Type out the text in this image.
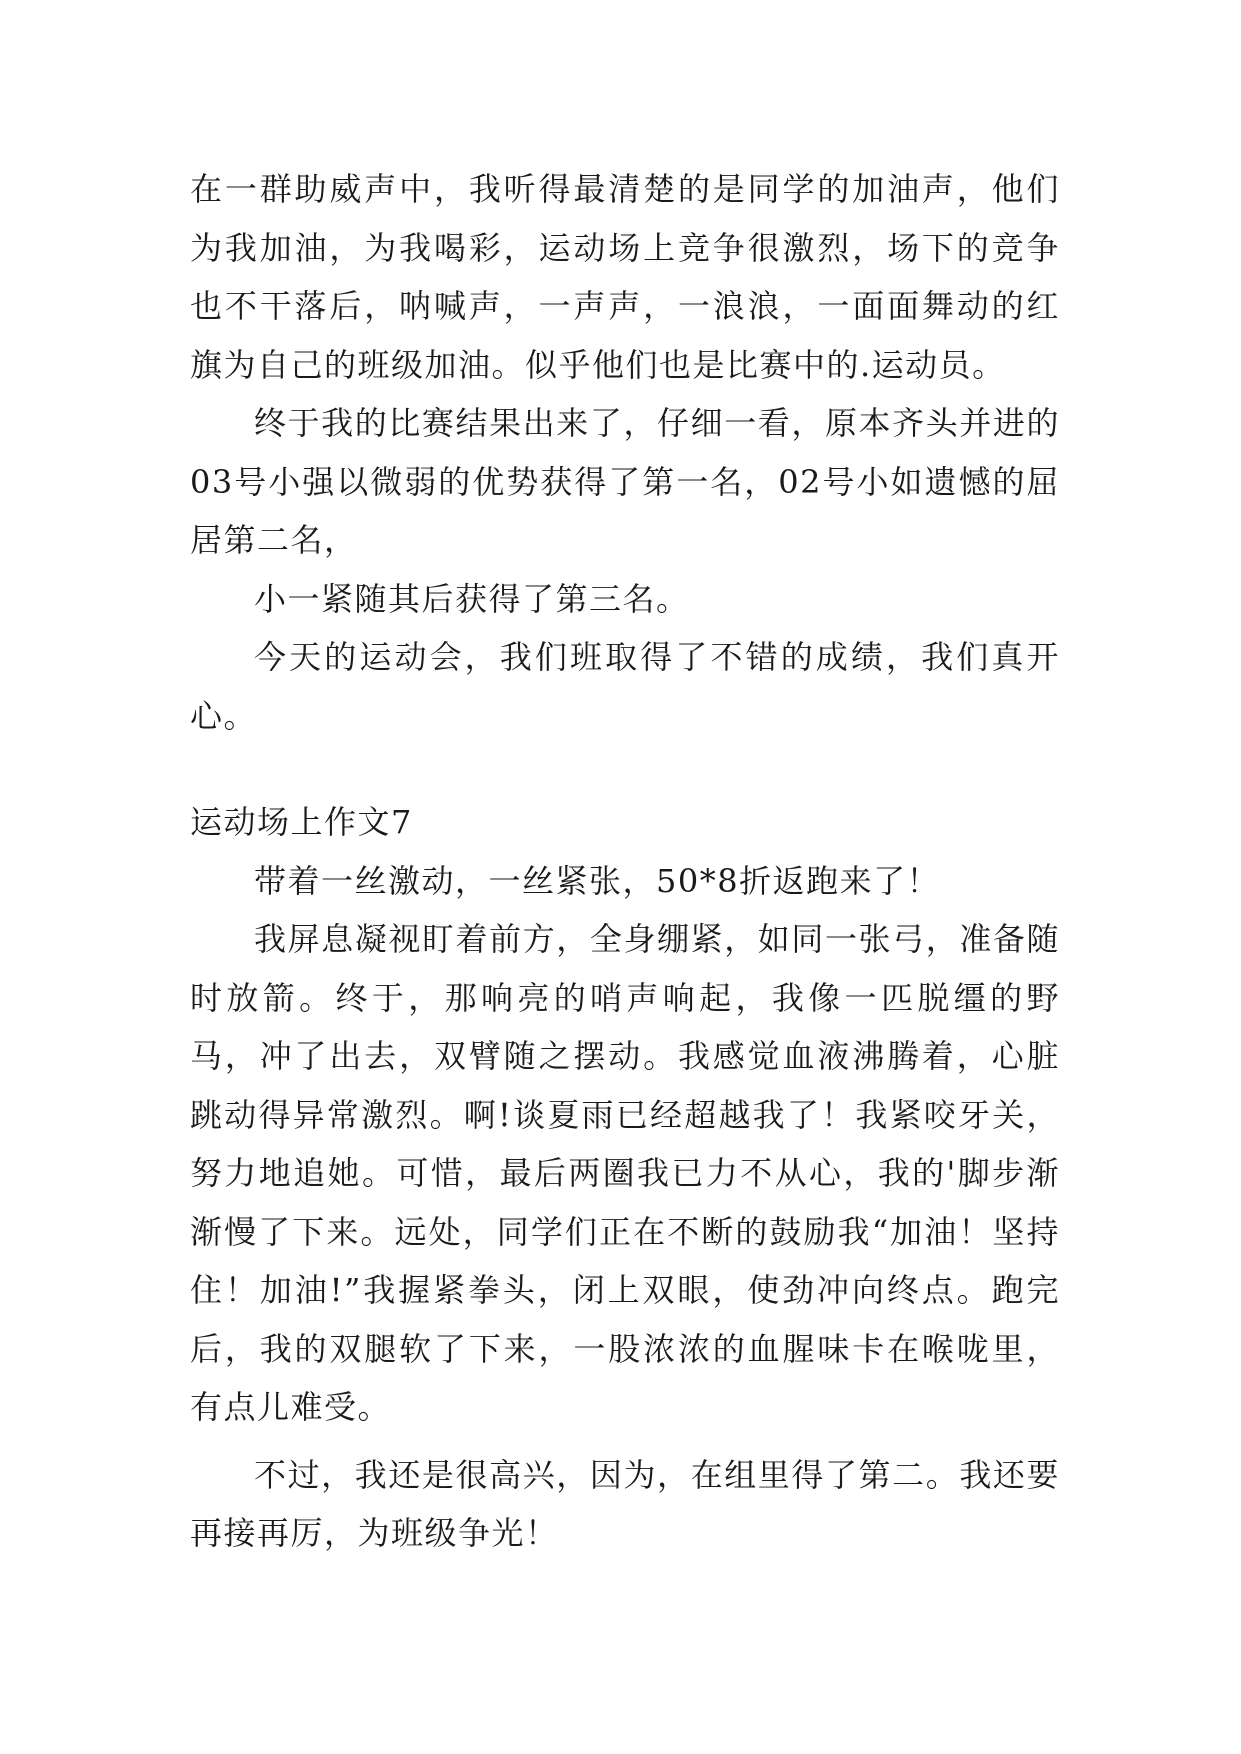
在一群助威声中，我听得最清楚的是同学的加油声，他们为我加油，为我喝彩，运动场上竞争很激烈，场下的竞争也不干落后，呐喊声，一声声，一浪浪，一面面舞动的红旗为自己的班级加油。似乎他们也是比赛中的.运动员。

终于我的比赛结果出来了，仔细一看，原本齐头并进的03号小强以微弱的优势获得了第一名，02号小如遗憾的屈居第二名，

小一紧随其后获得了第三名。

今天的运动会，我们班取得了不错的成绩，我们真开心。

运动场上作文7

带着一丝激动，一丝紧张，50*8折返跑来了！

我屏息凝视盯着前方，全身绷紧，如同一张弓，准备随时放箭。终于，那响亮的哨声响起，我像一匹脱缰的野马，冲了出去，双臂随之摆动。我感觉血液沸腾着，心脏跳动得异常激烈。啊!谈夏雨已经超越我了！我紧咬牙关，努力地追她。可惜，最后两圈我已力不从心，我的'脚步渐渐慢了下来。远处，同学们正在不断的鼓励我“加油！坚持住！加油!”我握紧拳头，闭上双眼，使劲冲向终点。跑完后，我的双腿软了下来，一股浓浓的血腥味卡在喉咙里，有点儿难受。

不过，我还是很高兴，因为，在组里得了第二。我还要再接再厉，为班级争光！
